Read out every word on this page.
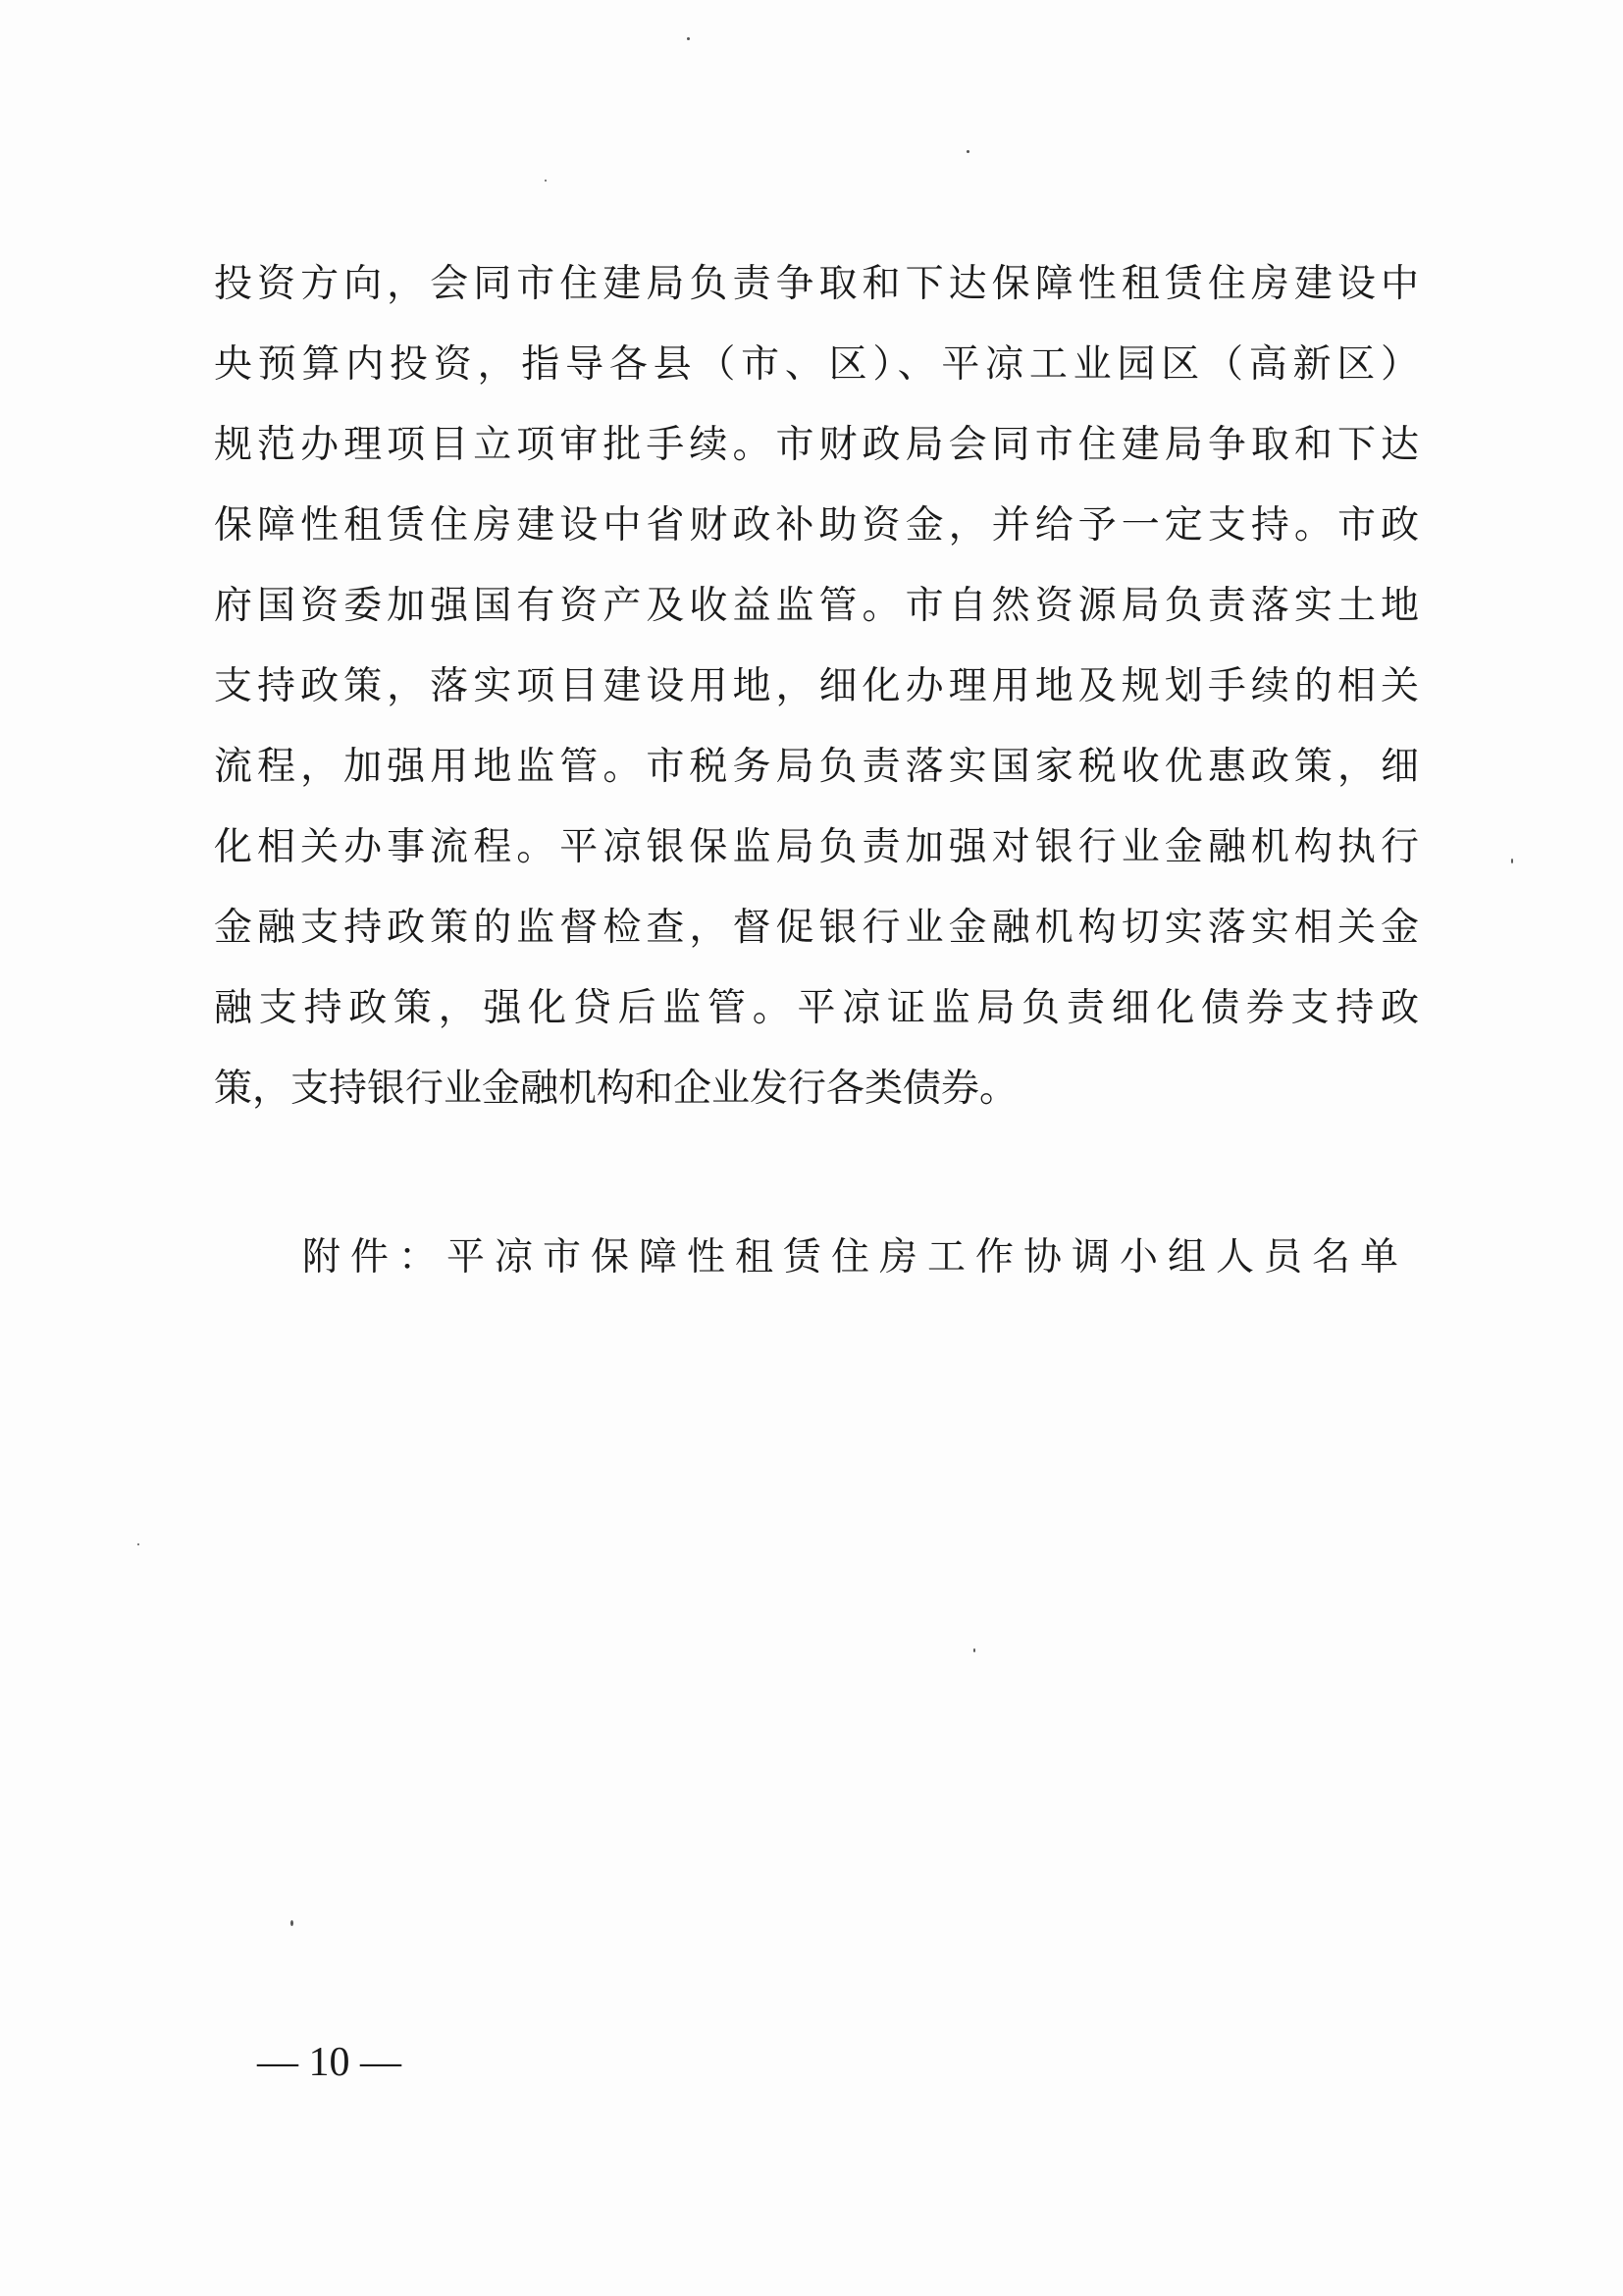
投资方向，会同市住建局负责争取和下达保障性租赁住房建设中
央预算内投资，指导各县（市、区）、平凉工业园区（高新区）
规范办理项目立项审批手续。市财政局会同市住建局争取和下达
保障性租赁住房建设中省财政补助资金，并给予一定支持。市政
府国资委加强国有资产及收益监管。市自然资源局负责落实土地
支持政策，落实项目建设用地，细化办理用地及规划手续的相关
流程，加强用地监管。市税务局负责落实国家税收优惠政策，细
化相关办事流程。平凉银保监局负责加强对银行业金融机构执行
金融支持政策的监督检查，督促银行业金融机构切实落实相关金
融支持政策，强化贷后监管。平凉证监局负责细化债券支持政
策，支持银行业金融机构和企业发行各类债券。
附件：平凉市保障性租赁住房工作协调小组人员名单
— 10 —
